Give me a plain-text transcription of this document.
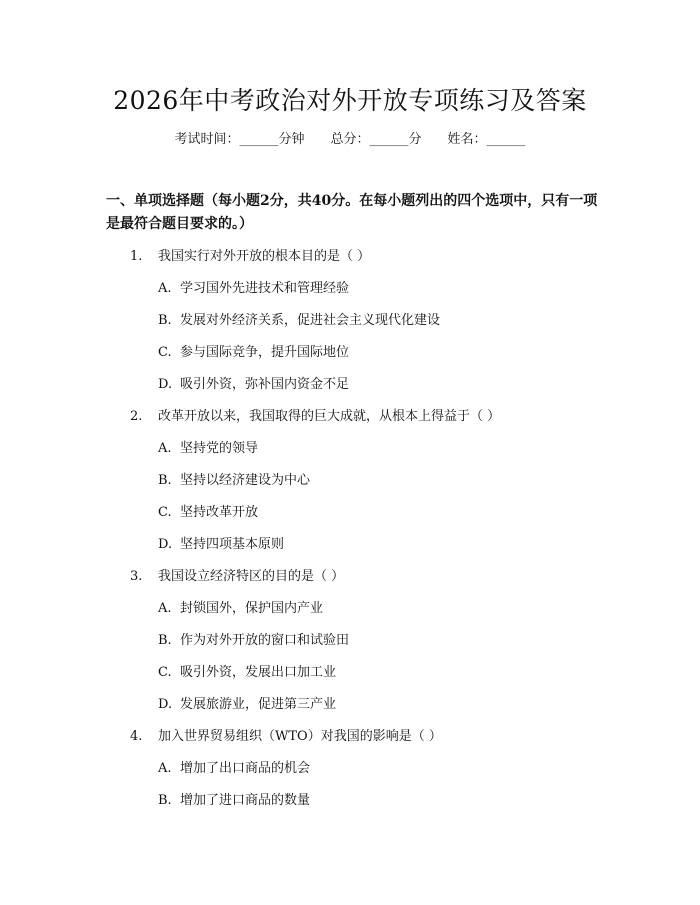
2026年中考政治对外开放专项练习及答案
考试时间：______分钟 总分：______分 姓名：______
一、单项选择题（每小题2分，共40分。在每小题列出的四个选项中，只有一项是最符合题目要求的。）
1. 我国实行对外开放的根本目的是（ ）
A. 学习国外先进技术和管理经验
B. 发展对外经济关系，促进社会主义现代化建设
C. 参与国际竞争，提升国际地位
D. 吸引外资，弥补国内资金不足
2. 改革开放以来，我国取得的巨大成就，从根本上得益于（ ）
A. 坚持党的领导
B. 坚持以经济建设为中心
C. 坚持改革开放
D. 坚持四项基本原则
3. 我国设立经济特区的目的是（ ）
A. 封锁国外，保护国内产业
B. 作为对外开放的窗口和试验田
C. 吸引外资，发展出口加工业
D. 发展旅游业，促进第三产业
4. 加入世界贸易组织（WTO）对我国的影响是（ ）
A. 增加了出口商品的机会
B. 增加了进口商品的数量
